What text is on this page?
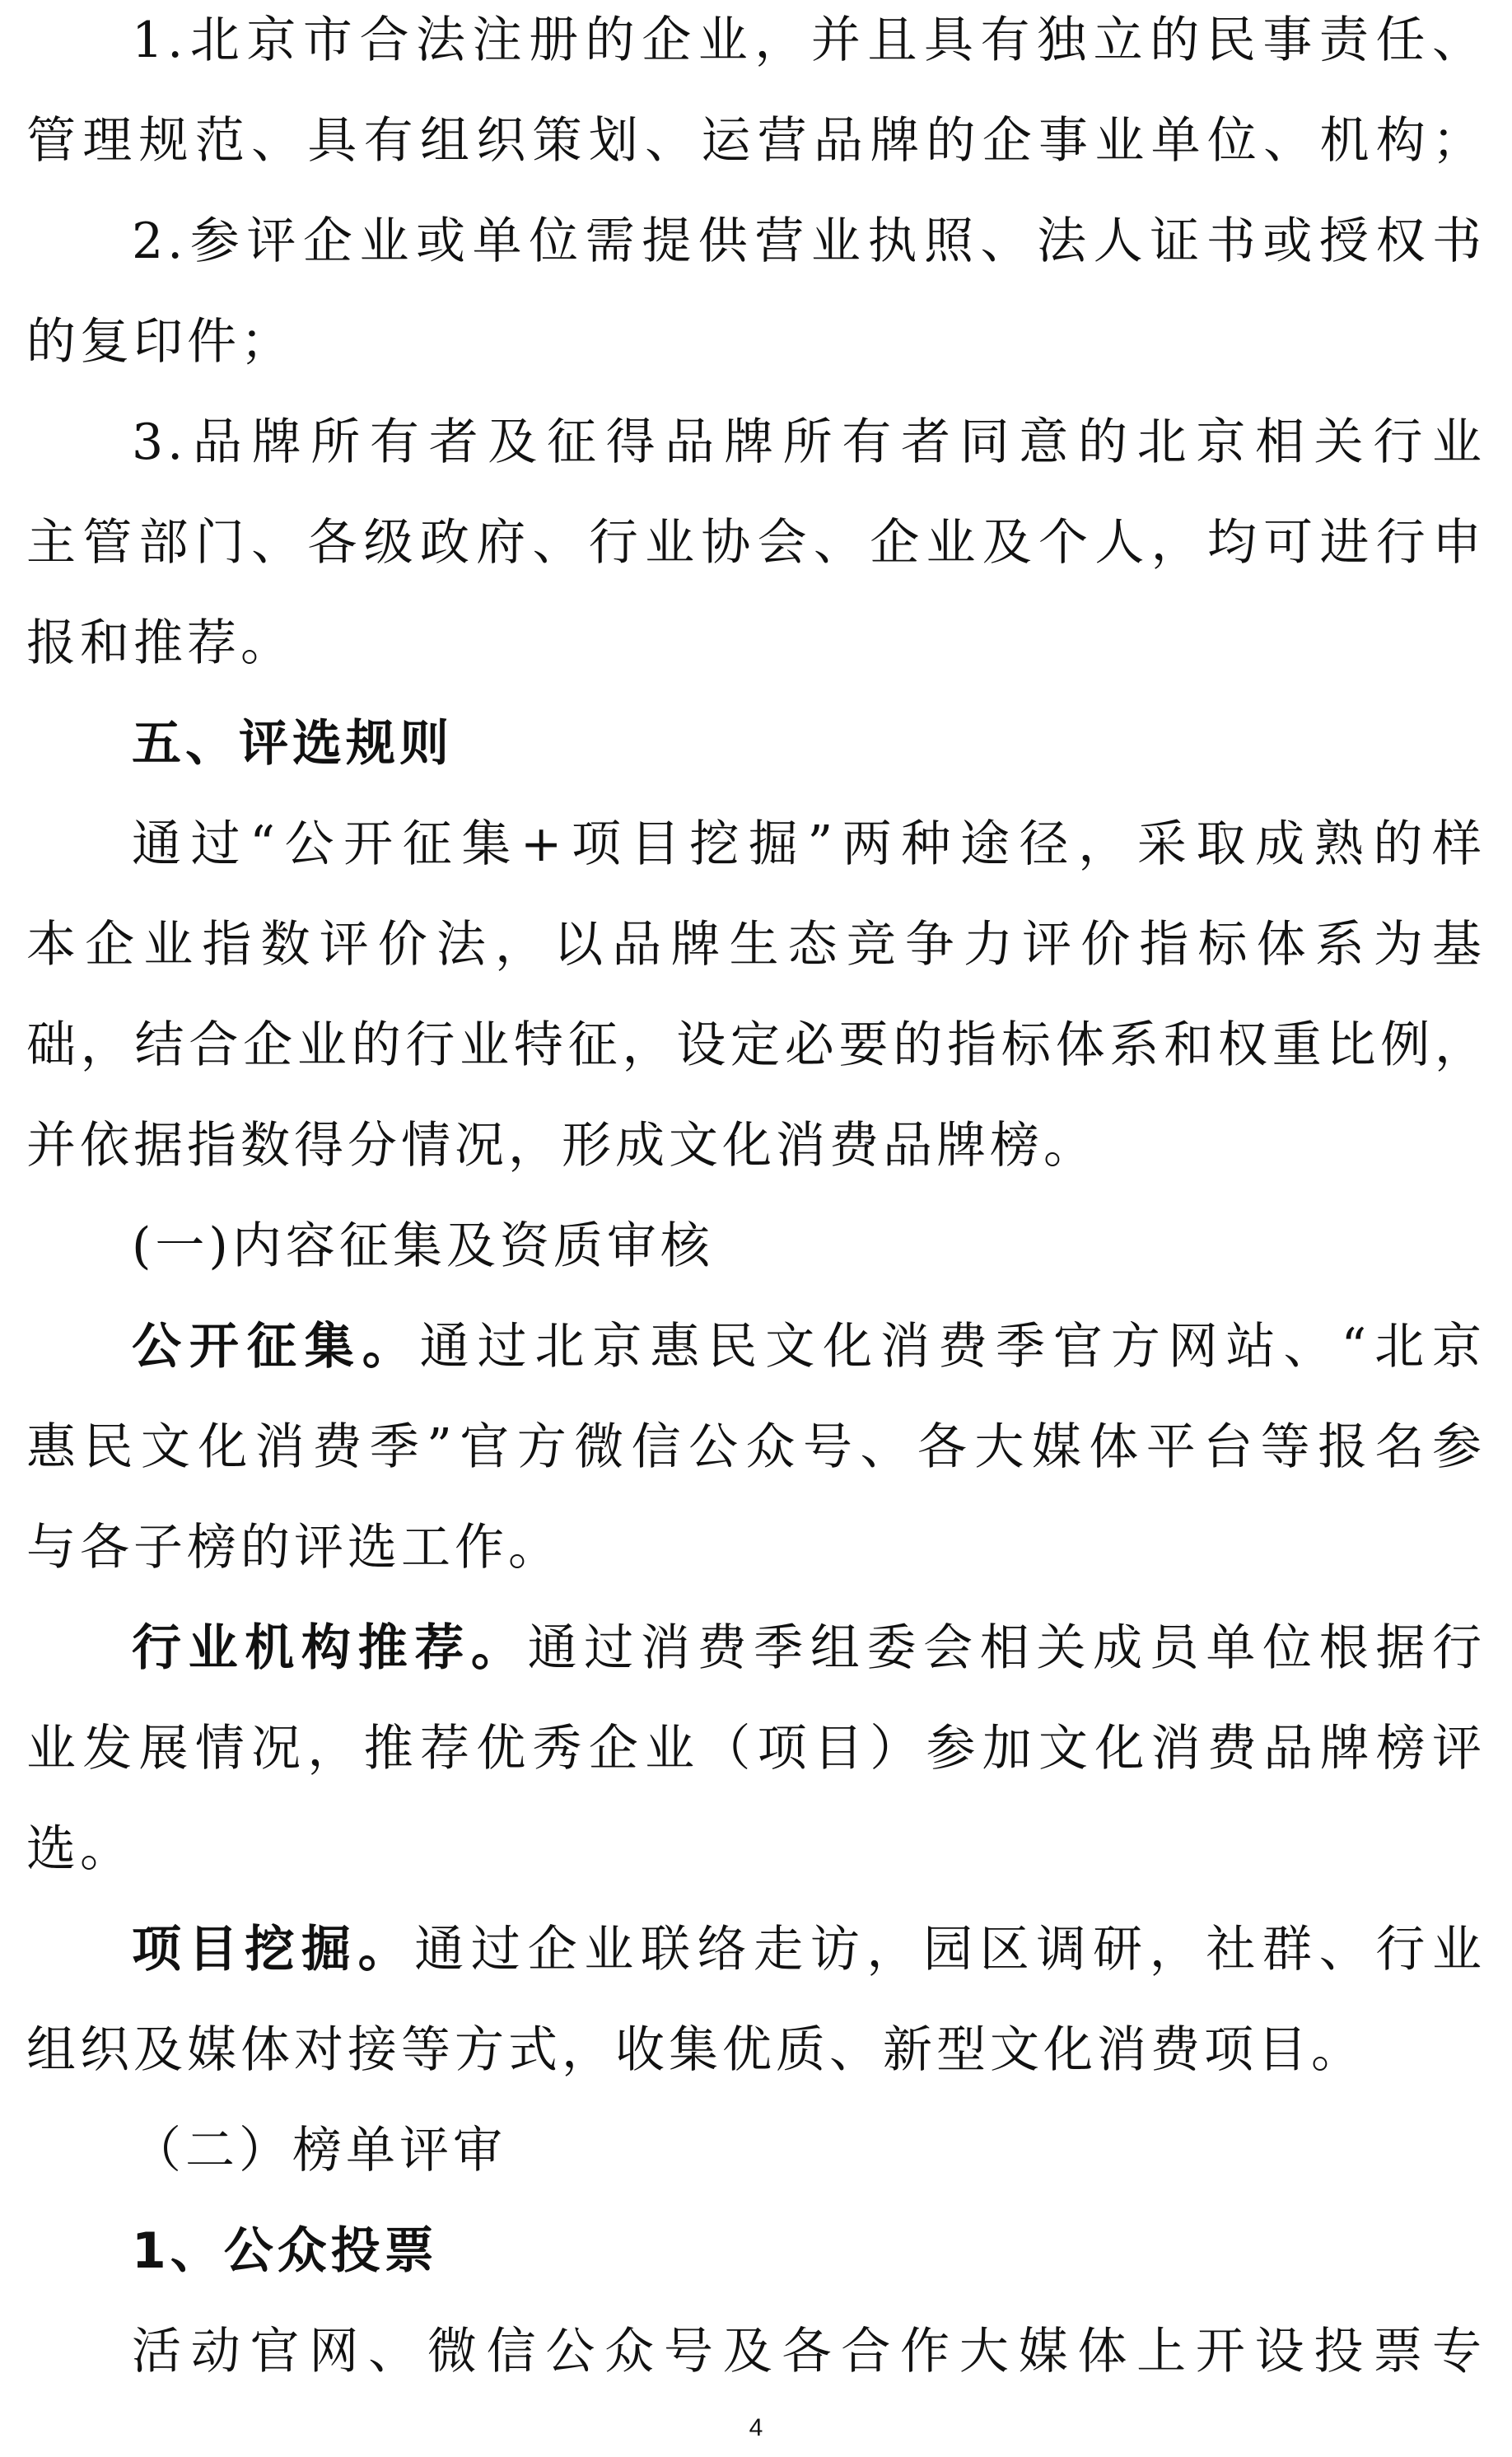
1.北京市合法注册的企业，并且具有独立的民事责任、
管理规范、具有组织策划、运营品牌的企事业单位、机构；
2.参评企业或单位需提供营业执照、法人证书或授权书
的复印件；
3.品牌所有者及征得品牌所有者同意的北京相关行业
主管部门、各级政府、行业协会、企业及个人，均可进行申
报和推荐。
五、评选规则
通过“公开征集+项目挖掘”两种途径，采取成熟的样
本企业指数评价法，以品牌生态竞争力评价指标体系为基
础，结合企业的行业特征，设定必要的指标体系和权重比例，
并依据指数得分情况，形成文化消费品牌榜。
(一)内容征集及资质审核
公开征集。通过北京惠民文化消费季官方网站、“北京
惠民文化消费季”官方微信公众号、各大媒体平台等报名参
与各子榜的评选工作。
行业机构推荐。通过消费季组委会相关成员单位根据行
业发展情况，推荐优秀企业（项目）参加文化消费品牌榜评
选。
项目挖掘。通过企业联络走访，园区调研，社群、行业
组织及媒体对接等方式，收集优质、新型文化消费项目。
（二）榜单评审
1、公众投票
活动官网、微信公众号及各合作大媒体上开设投票专
4
